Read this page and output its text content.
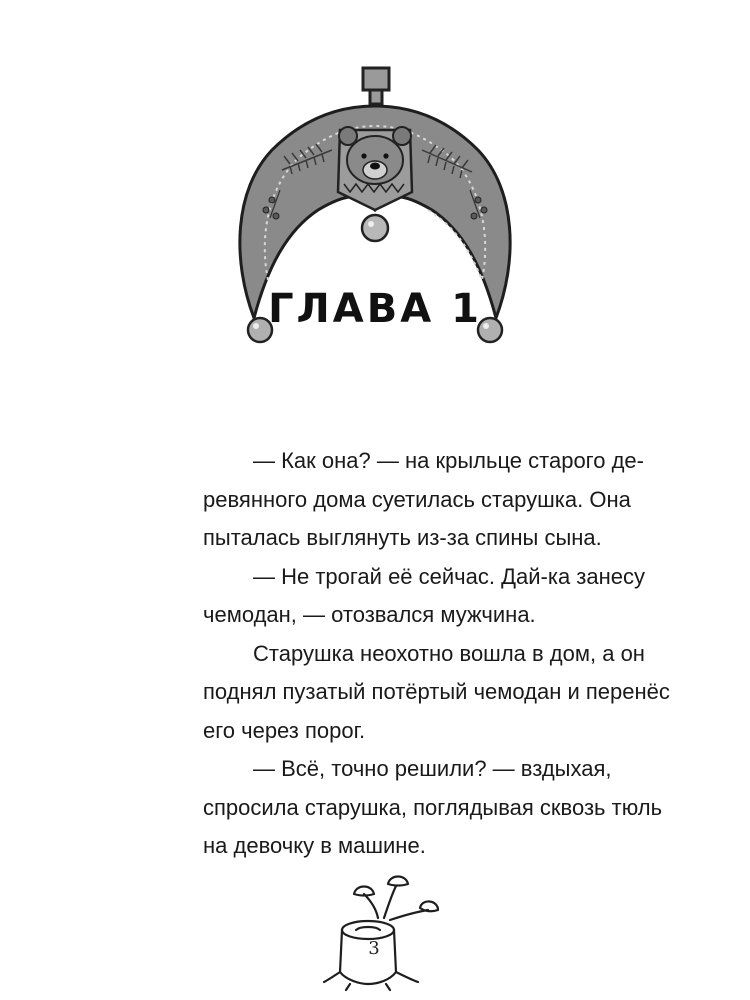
ГЛАВА 1

— Как она? — на крыльце старого де-
ревянного дома суетилась старушка. Она
пыталась выглянуть из-за спины сына.

— Не трогай её сейчас. Дай-ка занесу
чемодан, — отозвался мужчина.

Старушка неохотно вошла в дом, а он
поднял пузатый потёртый чемодан и перенёс
его через порог.

— Всё, точно решили? — вздыхая,
спросила старушка, поглядывая сквозь тюль
на девочку в машине.

3
